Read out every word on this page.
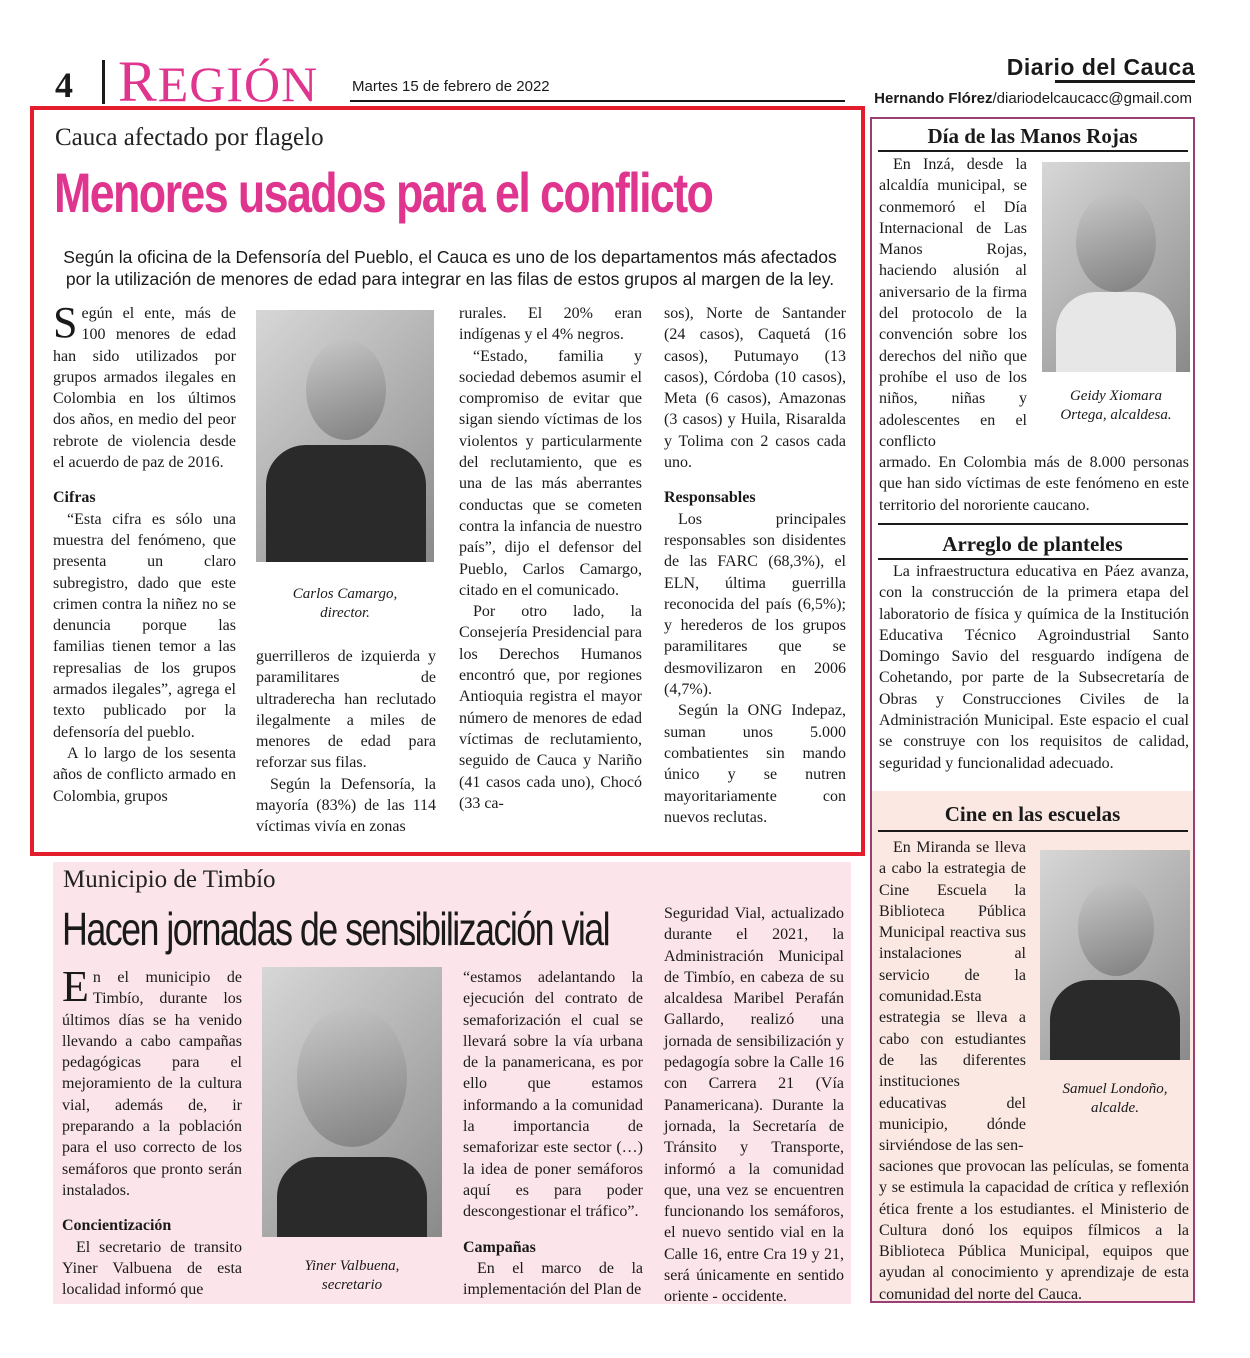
4 REGIÓN Martes 15 de febrero de 2022
Diario del Cauca
Hernando Flórez/diariodelcaucacc@gmail.com
Cauca afectado por flagelo
Menores usados para el conflicto
Según la oficina de la Defensoría del Pueblo, el Cauca es uno de los departamentos más afectados por la utilización de menores de edad para integrar en las filas de estos grupos al margen de la ley.

Según el ente, más de 100 menores de edad han sido utilizados por grupos armados ilegales en Colombia en los últimos dos años, en medio del peor rebrote de violencia desde el acuerdo de paz de 2016.

Cifras

“Esta cifra es sólo una muestra del fenómeno, que presenta un claro subregistro, dado que este crimen contra la niñez no se denuncia porque las familias tienen temor a las represalias de los grupos armados ilegales”, agrega el texto publicado por la defensoría del pueblo.

A lo largo de los sesenta años de conflicto armado en Colombia, grupos

Carlos Camargo,
director.

guerrilleros de izquierda y paramilitares de ultraderecha han reclutado ilegalmente a miles de menores de edad para reforzar sus filas.

Según la Defensoría, la mayoría (83%) de las 114 víctimas vivía en zonas

rurales. El 20% eran indígenas y el 4% negros.

“Estado, familia y sociedad debemos asumir el compromiso de evitar que sigan siendo víctimas de los violentos y particularmente del reclutamiento, que es una de las más aberrantes conductas que se cometen contra la infancia de nuestro país”, dijo el defensor del Pueblo, Carlos Camargo, citado en el comunicado.

Por otro lado, la Consejería Presidencial para los Derechos Humanos encontró que, por regiones Antioquia registra el mayor número de menores de edad víctimas de reclutamiento, seguido de Cauca y Nariño (41 casos cada uno), Chocó (33 ca-

sos), Norte de Santander (24 casos), Caquetá (16 casos), Putumayo (13 casos), Córdoba (10 casos), Meta (6 casos), Amazonas (3 casos) y Huila, Risaralda y Tolima con 2 casos cada uno.

Responsables

Los principales responsables son disidentes de las FARC (68,3%), el ELN, última guerrilla reconocida del país (6,5%); y herederos de los grupos paramilitares que se desmovilizaron en 2006 (4,7%).

Según la ONG Indepaz, suman unos 5.000 combatientes sin mando único y se nutren mayoritariamente con nuevos reclutas.

Municipio de Timbío
Hacen jornadas de sensibilización vial

En el municipio de Timbío, durante los últimos días se ha venido llevando a cabo campañas pedagógicas para el mejoramiento de la cultura vial, además de, ir preparando a la población para el uso correcto de los semáforos que pronto serán instalados.

Concientización

El secretario de transito Yiner Valbuena de esta localidad informó que

Yiner Valbuena,
secretario

“estamos adelantando la ejecución del contrato de semaforización el cual se llevará sobre la vía urbana de la panamericana, es por ello que estamos informando a la comunidad la importancia de semaforizar este sector (…) la idea de poner semáforos aquí es para poder descongestionar el tráfico”.

Campañas

En el marco de la implementación del Plan de

Seguridad Vial, actualizado durante el 2021, la Administración Municipal de Timbío, en cabeza de su alcaldesa Maribel Perafán Gallardo, realizó una jornada de sensibilización y pedagogía sobre la Calle 16 con Carrera 21 (Vía Panamericana). Durante la jornada, la Secretaría de Tránsito y Transporte, informó a la comunidad que, una vez se encuentren funcionando los semáforos, el nuevo sentido vial en la Calle 16, entre Cra 19 y 21, será únicamente en sentido oriente - occidente.

Día de las Manos Rojas

En Inzá, desde la alcaldía municipal, se conmemoró el Día Internacional de Las Manos Rojas, haciendo alusión al aniversario de la firma del protocolo de la convención sobre los derechos del niño que prohíbe el uso de los niños, niñas y adolescentes en el conflicto

Geidy Xiomara
Ortega, alcaldesa.

armado. En Colombia más de 8.000 personas que han sido víctimas de este fenómeno en este territorio del nororiente caucano.

Arreglo de planteles

La infraestructura educativa en Páez avanza, con la construcción de la primera etapa del laboratorio de física y química de la Institución Educativa Técnico Agroindustrial Santo Domingo Savio del resguardo indígena de Cohetando, por parte de la Subsecretaría de Obras y Construcciones Civiles de la Administración Municipal. Este espacio el cual se construye con los requisitos de calidad, seguridad y funcionalidad adecuado.

Cine en las escuelas

En Miranda se lleva a cabo la estrategia de Cine Escuela la Biblioteca Pública Municipal reactiva sus instalaciones al servicio de la comunidad.Esta estrategia se lleva a cabo con estudiantes de las diferentes instituciones educativas del municipio, dónde sirviéndose de las sen-

Samuel Londoño,
alcalde.

saciones que provocan las películas, se fomenta y se estimula la capacidad de crítica y reflexión ética frente a los estudiantes. el Ministerio de Cultura donó los equipos fílmicos a la Biblioteca Pública Municipal, equipos que ayudan al conocimiento y aprendizaje de esta comunidad del norte del Cauca.
